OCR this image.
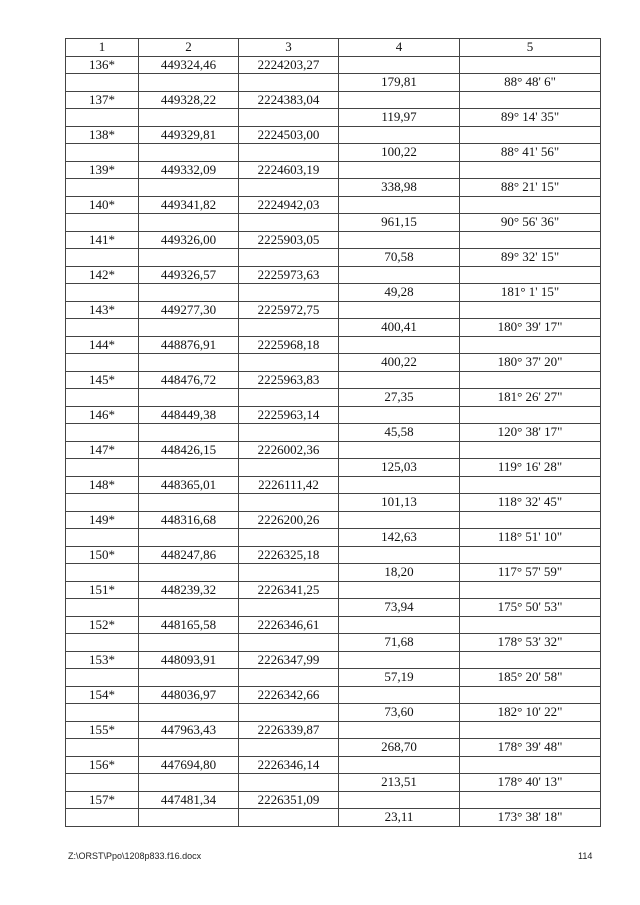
1	2	3	4	5
136*	449324,46	2224203,27		
			179,81	88° 48' 6"
137*	449328,22	2224383,04		
			119,97	89° 14' 35"
138*	449329,81	2224503,00		
			100,22	88° 41' 56"
139*	449332,09	2224603,19		
			338,98	88° 21' 15"
140*	449341,82	2224942,03		
			961,15	90° 56' 36"
141*	449326,00	2225903,05		
			70,58	89° 32' 15"
142*	449326,57	2225973,63		
			49,28	181° 1' 15"
143*	449277,30	2225972,75		
			400,41	180° 39' 17"
144*	448876,91	2225968,18		
			400,22	180° 37' 20"
145*	448476,72	2225963,83		
			27,35	181° 26' 27"
146*	448449,38	2225963,14		
			45,58	120° 38' 17"
147*	448426,15	2226002,36		
			125,03	119° 16' 28"
148*	448365,01	2226111,42		
			101,13	118° 32' 45"
149*	448316,68	2226200,26		
			142,63	118° 51' 10"
150*	448247,86	2226325,18		
			18,20	117° 57' 59"
151*	448239,32	2226341,25		
			73,94	175° 50' 53"
152*	448165,58	2226346,61		
			71,68	178° 53' 32"
153*	448093,91	2226347,99		
			57,19	185° 20' 58"
154*	448036,97	2226342,66		
			73,60	182° 10' 22"
155*	447963,43	2226339,87		
			268,70	178° 39' 48"
156*	447694,80	2226346,14		
			213,51	178° 40' 13"
157*	447481,34	2226351,09		
			23,11	173° 38' 18"
Z:\ORST\Ppo\1208p833.f16.docx	114
